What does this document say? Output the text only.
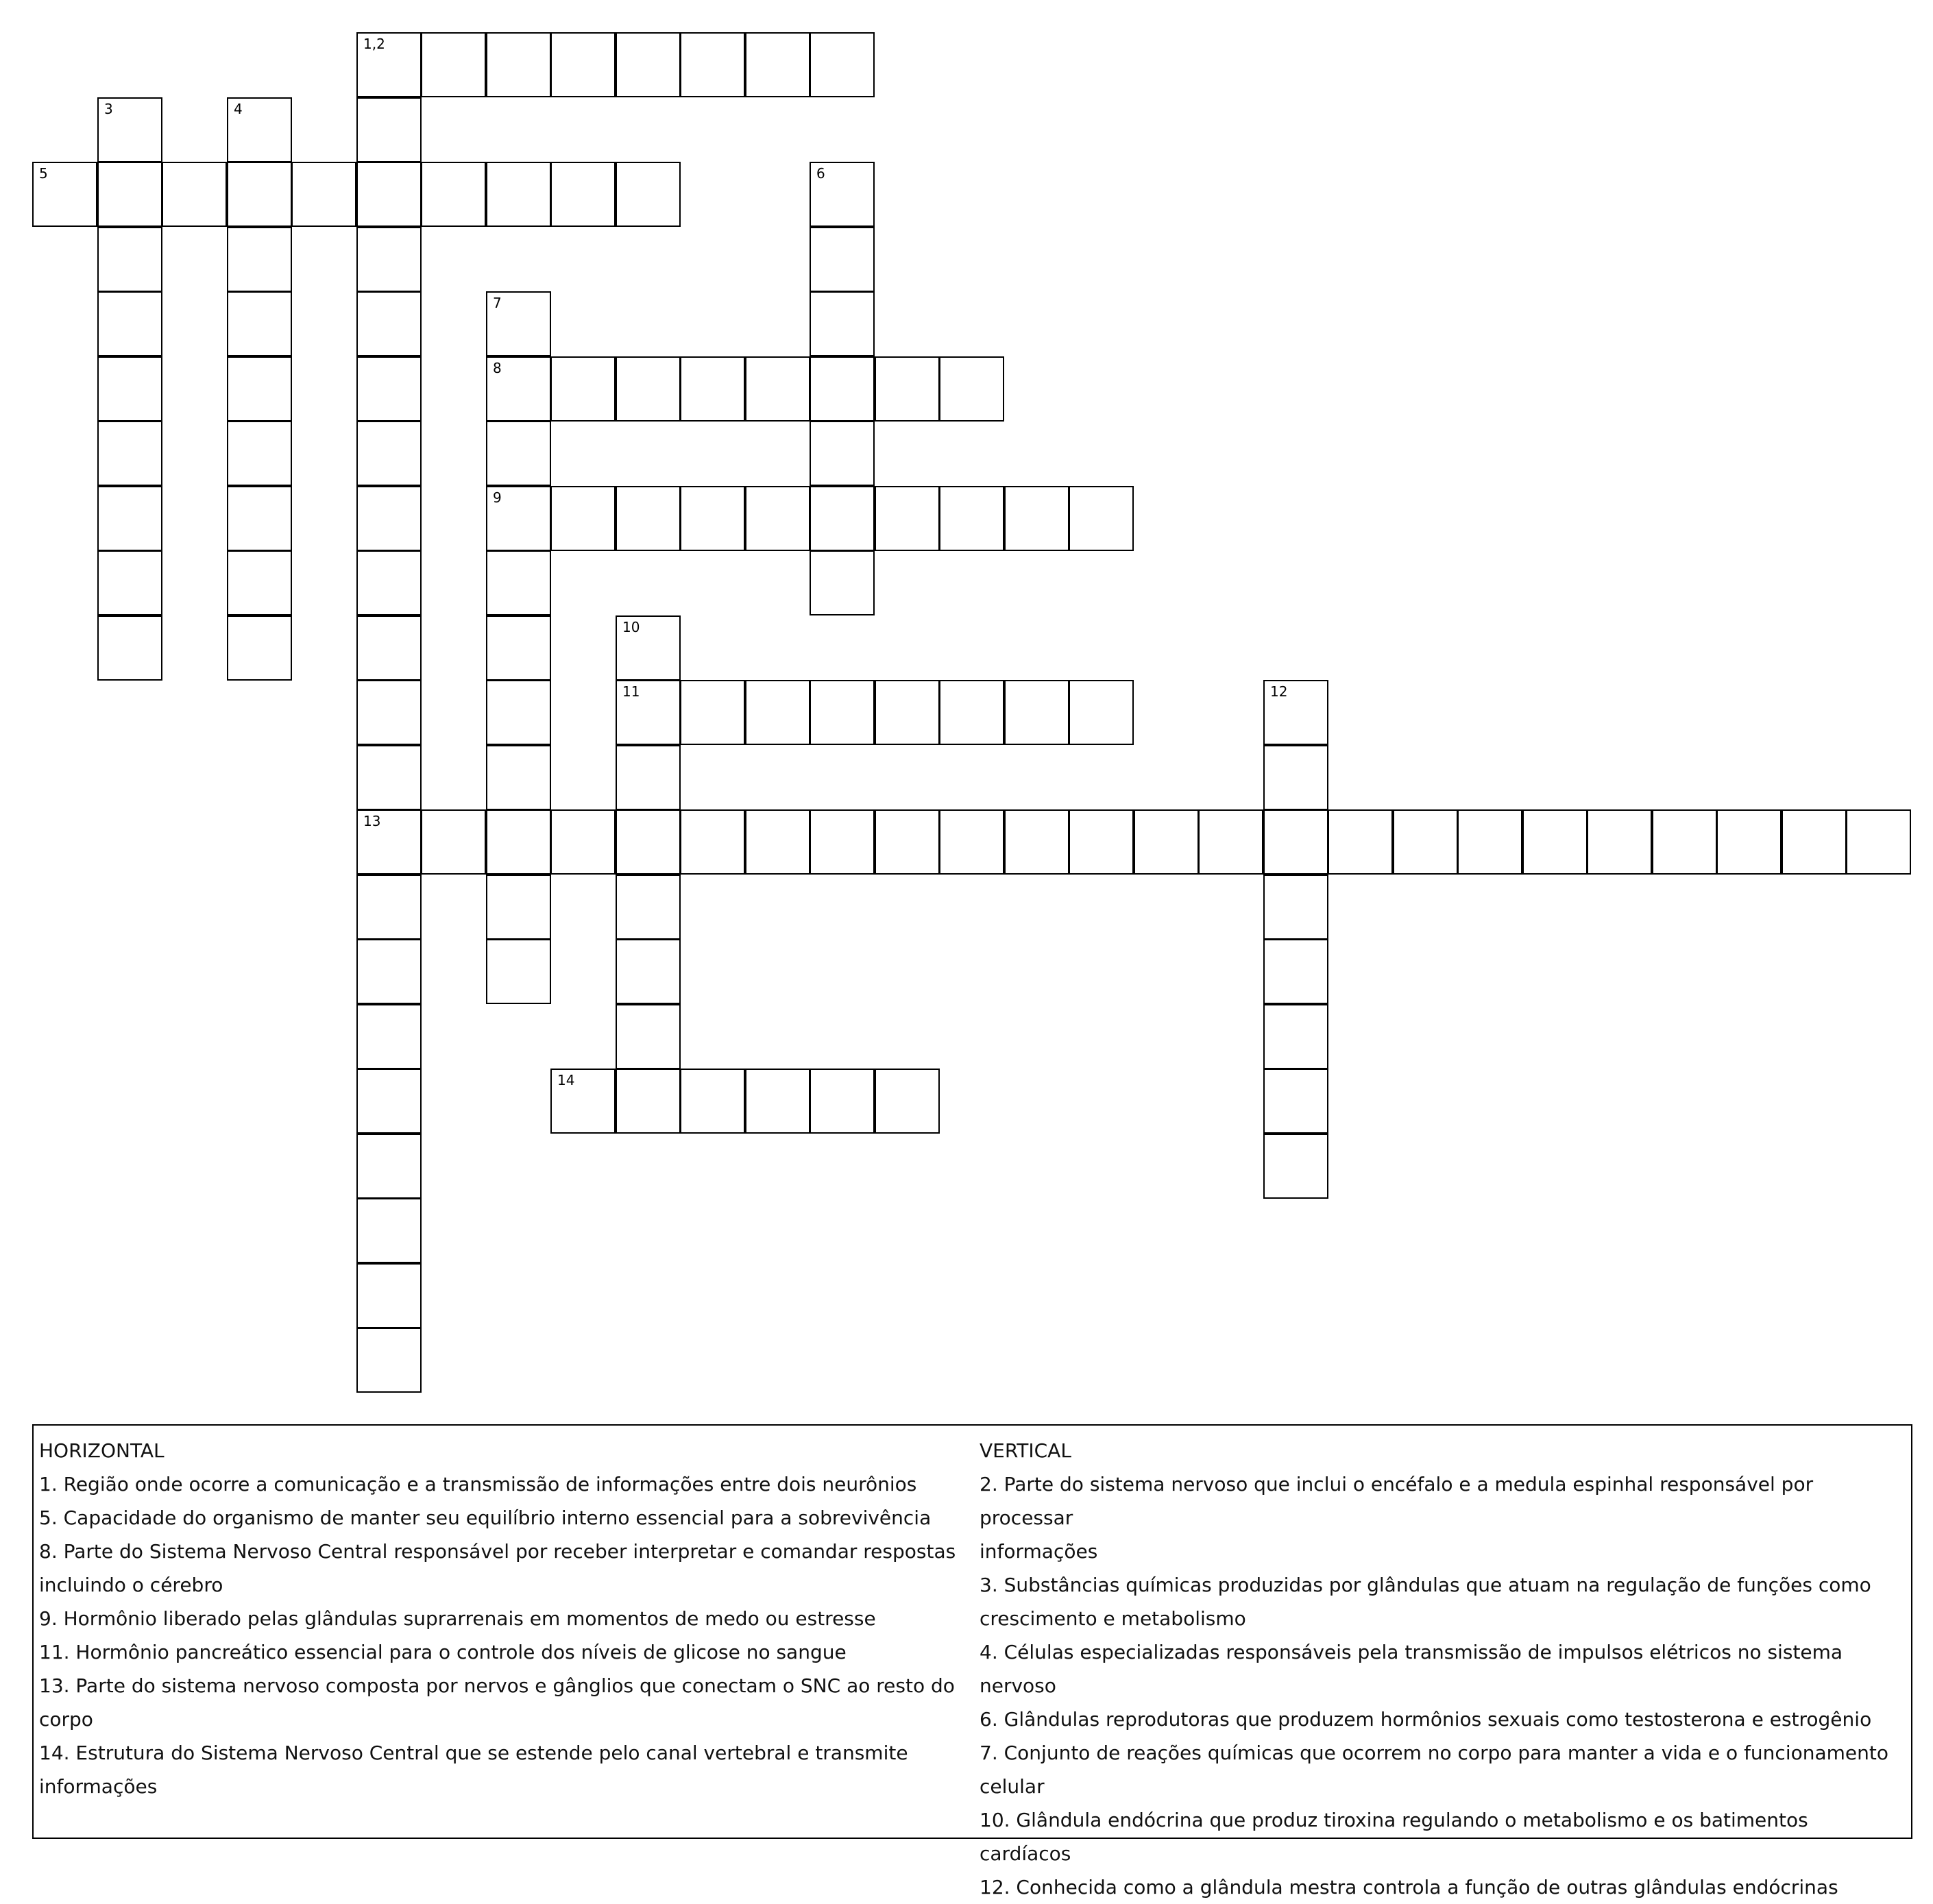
1,2
3	4
5	6
7
8
9
10
11	12
13
14

HORIZONTAL

1. Região onde ocorre a comunicação e a transmissão de informações entre dois neurônios

5. Capacidade do organismo de manter seu equilíbrio interno essencial para a sobrevivência

8. Parte do Sistema Nervoso Central responsável por receber interpretar e comandar respostas

incluindo o cérebro

9. Hormônio liberado pelas glândulas suprarrenais em momentos de medo ou estresse

11. Hormônio pancreático essencial para o controle dos níveis de glicose no sangue

13. Parte do sistema nervoso composta por nervos e gânglios que conectam o SNC ao resto do corpo

14. Estrutura do Sistema Nervoso Central que se estende pelo canal vertebral e transmite

informações

VERTICAL

2. Parte do sistema nervoso que inclui o encéfalo e a medula espinhal responsável por processar

informações

3. Substâncias químicas produzidas por glândulas que atuam na regulação de funções como

crescimento e metabolismo

4. Células especializadas responsáveis pela transmissão de impulsos elétricos no sistema nervoso

6. Glândulas reprodutoras que produzem hormônios sexuais como testosterona e estrogênio

7. Conjunto de reações químicas que ocorrem no corpo para manter a vida e o funcionamento

celular

10. Glândula endócrina que produz tiroxina regulando o metabolismo e os batimentos cardíacos

12. Conhecida como a glândula mestra controla a função de outras glândulas endócrinas
